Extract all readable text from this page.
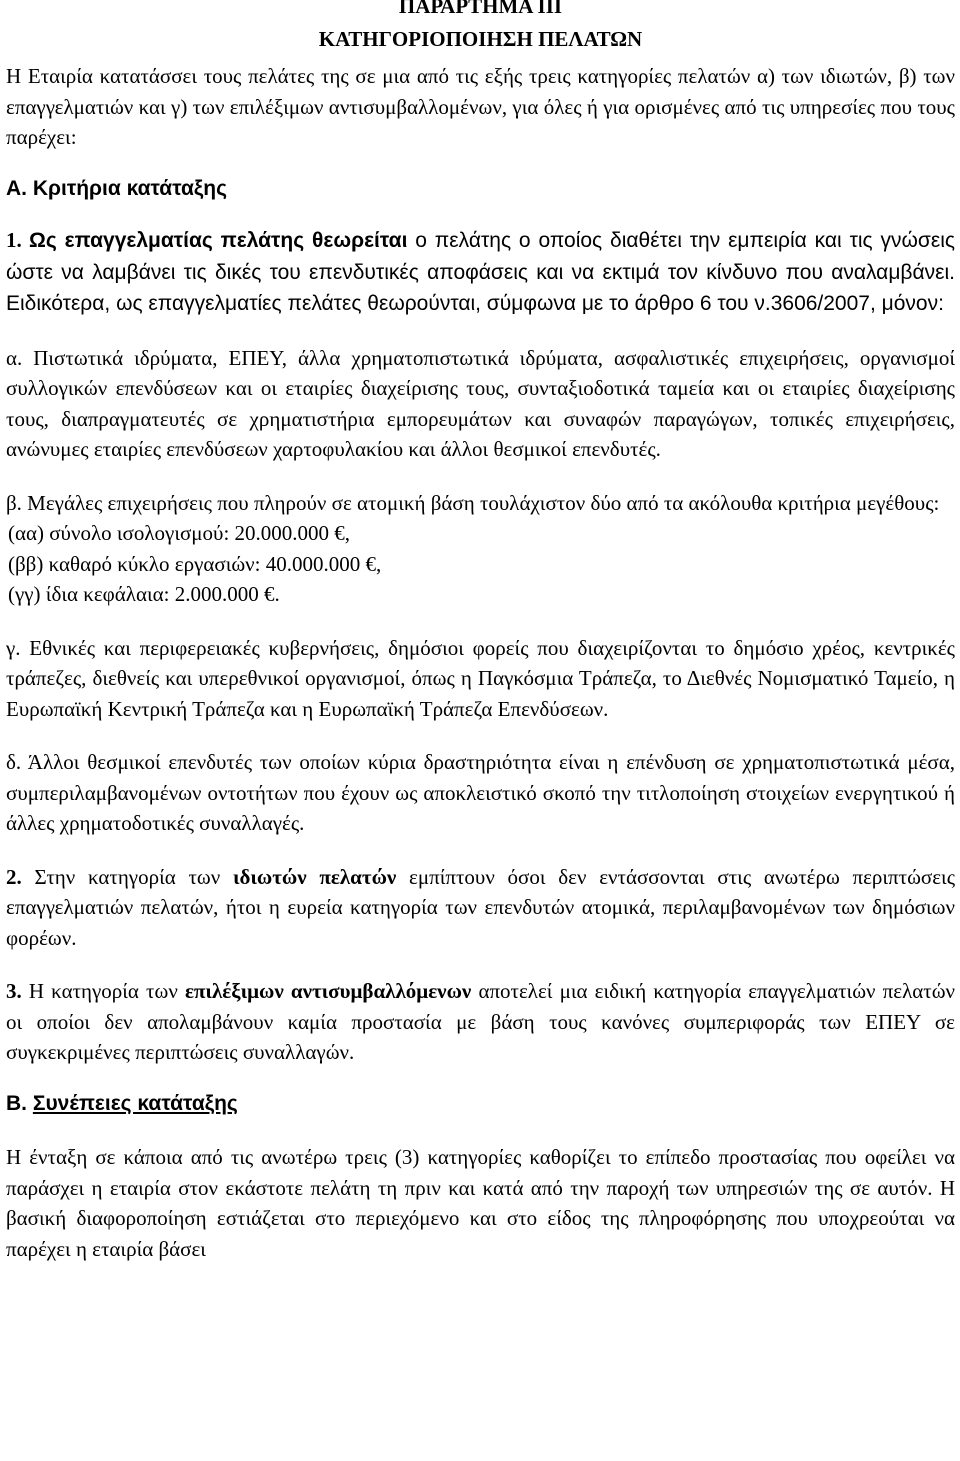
ΠΑΡΑΡΤΗΜΑ ΙΙΙ
ΚΑΤΗΓΟΡΙΟΠΟΙΗΣΗ ΠΕΛΑΤΩΝ

Η Εταιρία κατατάσσει τους πελάτες της σε μια από τις εξής τρεις κατηγορίες πελατών α) των ιδιωτών, β) των επαγγελματιών και γ) των επιλέξιμων αντισυμβαλλομένων, για όλες ή για ορισμένες από τις υπηρεσίες που τους παρέχει:

Α. Κριτήρια κατάταξης

1. Ως επαγγελματίας πελάτης θεωρείται ο πελάτης ο οποίος διαθέτει την εμπειρία και τις γνώσεις ώστε να λαμβάνει τις δικές του επενδυτικές αποφάσεις και να εκτιμά τον κίνδυνο που αναλαμβάνει. Ειδικότερα, ως επαγγελματίες πελάτες θεωρούνται, σύμφωνα με το άρθρο 6 του ν.3606/2007, μόνον:

α. Πιστωτικά ιδρύματα, ΕΠΕΥ, άλλα χρηματοπιστωτικά ιδρύματα, ασφαλιστικές επιχειρήσεις, οργανισμοί συλλογικών επενδύσεων και οι εταιρίες διαχείρισης τους, συνταξιοδοτικά ταμεία και οι εταιρίες διαχείρισης τους, διαπραγματευτές σε χρηματιστήρια εμπορευμάτων και συναφών παραγώγων, τοπικές επιχειρήσεις, ανώνυμες εταιρίες επενδύσεων χαρτοφυλακίου και άλλοι θεσμικοί επενδυτές.

β. Μεγάλες επιχειρήσεις που πληρούν σε ατομική βάση τουλάχιστον δύο από τα ακόλουθα κριτήρια μεγέθους:

(αα) σύνολο ισολογισμού: 20.000.000 €,
(ββ) καθαρό κύκλο εργασιών: 40.000.000 €,
(γγ) ίδια κεφάλαια: 2.000.000 €.

γ. Εθνικές και περιφερειακές κυβερνήσεις, δημόσιοι φορείς που διαχειρίζονται το δημόσιο χρέος, κεντρικές τράπεζες, διεθνείς και υπερεθνικοί οργανισμοί, όπως η Παγκόσμια Τράπεζα, το Διεθνές Νομισματικό Ταμείο, η Ευρωπαϊκή Κεντρική Τράπεζα και η Ευρωπαϊκή Τράπεζα Επενδύσεων.

δ. Άλλοι θεσμικοί επενδυτές των οποίων κύρια δραστηριότητα είναι η επένδυση σε χρηματοπιστωτικά μέσα, συμπεριλαμβανομένων οντοτήτων που έχουν ως αποκλειστικό σκοπό την τιτλοποίηση στοιχείων ενεργητικού ή άλλες χρηματοδοτικές συναλλαγές.

2. Στην κατηγορία των ιδιωτών πελατών εμπίπτουν όσοι δεν εντάσσονται στις ανωτέρω περιπτώσεις επαγγελματιών πελατών, ήτοι η ευρεία κατηγορία των επενδυτών ατομικά, περιλαμβανομένων των δημόσιων φορέων.

3. Η κατηγορία των επιλέξιμων αντισυμβαλλόμενων αποτελεί μια ειδική κατηγορία επαγγελματιών πελατών οι οποίοι δεν απολαμβάνουν καμία προστασία με βάση τους κανόνες συμπεριφοράς των ΕΠΕΥ σε συγκεκριμένες περιπτώσεις συναλλαγών.

Β. Συνέπειες κατάταξης

Η ένταξη σε κάποια από τις ανωτέρω τρεις (3) κατηγορίες καθορίζει το επίπεδο προστασίας που οφείλει να παράσχει η εταιρία στον εκάστοτε πελάτη τη πριν και κατά από την παροχή των υπηρεσιών της σε αυτόν. Η βασική διαφοροποίηση εστιάζεται στο περιεχόμενο και στο είδος της πληροφόρησης που υποχρεούται να παρέχει η εταιρία βάσει
